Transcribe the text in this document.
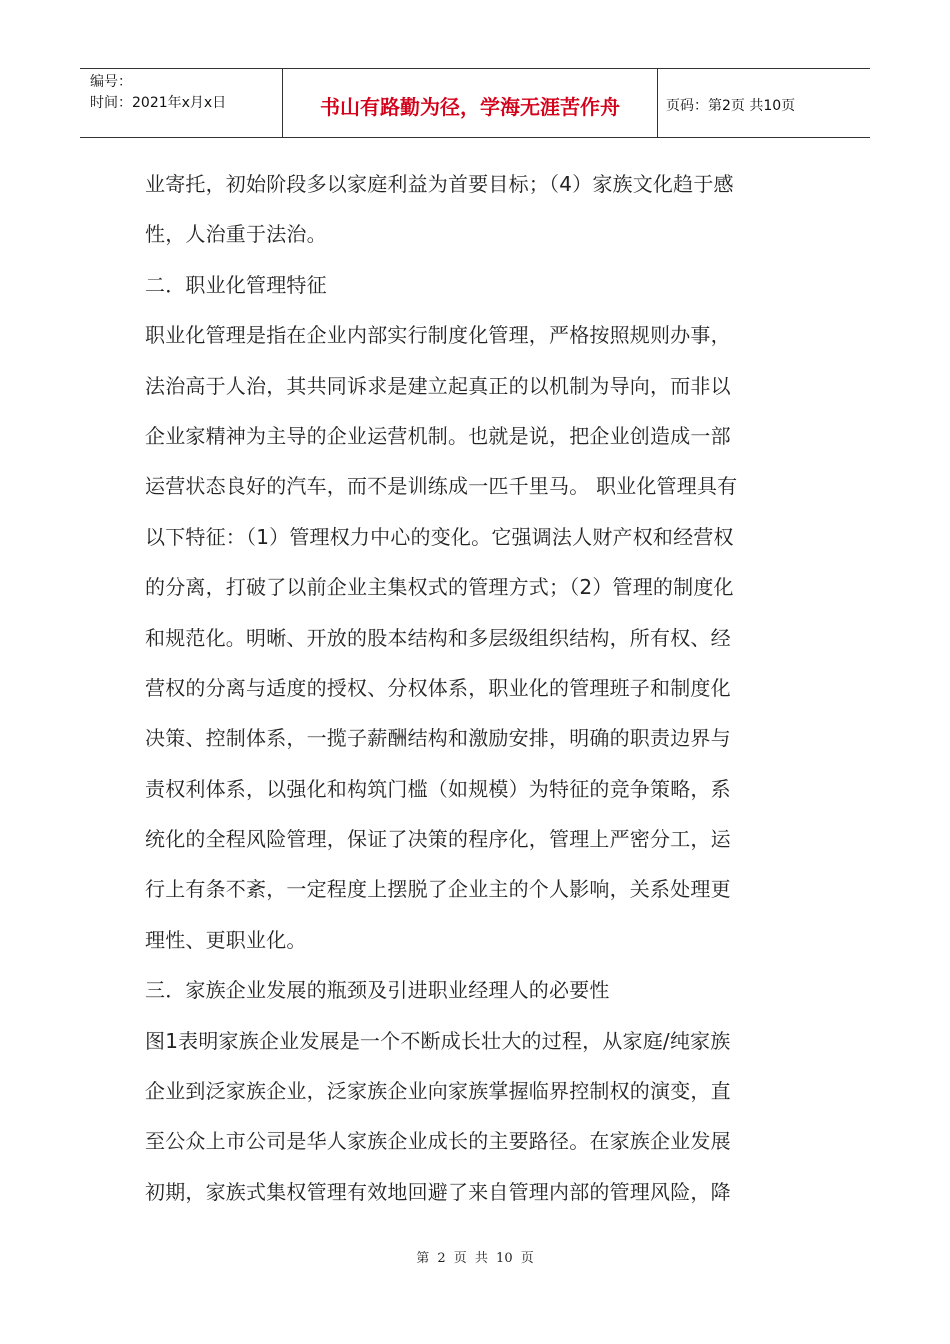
编号：
时间：2021年x月x日	书山有路勤为径，学海无涯苦作舟	页码：第2页 共10页
业寄托，初始阶段多以家庭利益为首要目标；（4）家族文化趋于感
性，人治重于法治。
二．职业化管理特征
职业化管理是指在企业内部实行制度化管理，严格按照规则办事，
法治高于人治，其共同诉求是建立起真正的以机制为导向，而非以
企业家精神为主导的企业运营机制。也就是说，把企业创造成一部
运营状态良好的汽车，而不是训练成一匹千里马。 职业化管理具有
以下特征：（1）管理权力中心的变化。它强调法人财产权和经营权
的分离，打破了以前企业主集权式的管理方式；（2）管理的制度化
和规范化。明晰、开放的股本结构和多层级组织结构，所有权、经
营权的分离与适度的授权、分权体系，职业化的管理班子和制度化
决策、控制体系，一揽子薪酬结构和激励安排，明确的职责边界与
责权利体系，以强化和构筑门槛（如规模）为特征的竞争策略，系
统化的全程风险管理，保证了决策的程序化，管理上严密分工，运
行上有条不紊，一定程度上摆脱了企业主的个人影响，关系处理更
理性、更职业化。
三．家族企业发展的瓶颈及引进职业经理人的必要性
图1表明家族企业发展是一个不断成长壮大的过程，从家庭/纯家族
企业到泛家族企业，泛家族企业向家族掌握临界控制权的演变，直
至公众上市公司是华人家族企业成长的主要路径。在家族企业发展
初期，家族式集权管理有效地回避了来自管理内部的管理风险，降
第 2 页 共 10 页
